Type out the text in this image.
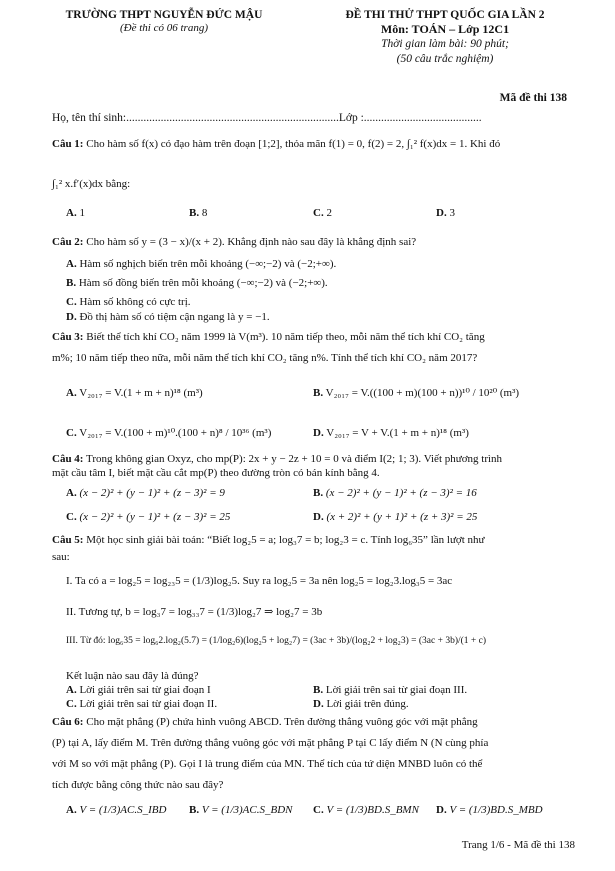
TRƯỜNG THPT NGUYỄN ĐỨC MẬU
(Đề thi có 06 trang)
ĐỀ THI THỬ THPT QUỐC GIA LẦN 2
Môn: TOÁN – Lớp 12C1
Thời gian làm bài: 90 phút;
(50 câu trắc nghiệm)
Mã đề thi 138
Họ, tên thí sinh:..........................................................................Lớp :.........................................
Câu 1: Cho hàm số f(x) có đạo hàm trên đoạn [1;2], thỏa mãn f(1) = 0, f(2) = 2, ∫₁² f(x)dx = 1. Khi đó
∫₁² x.f′(x)dx bằng:
A. 1	B. 8	C. 2	D. 3
Câu 2: Cho hàm số y = (3 − x)/(x + 2). Khẳng định nào sau đây là khẳng định sai?
A. Hàm số nghịch biến trên mỗi khoảng (−∞;−2) và (−2;+∞).
B. Hàm số đồng biến trên mỗi khoảng (−∞;−2) và (−2;+∞).
C. Hàm số không có cực trị.
D. Đồ thị hàm số có tiệm cận ngang là y = −1.
Câu 3: Biết thể tích khí CO₂ năm 1999 là V(m³). 10 năm tiếp theo, mỗi năm thể tích khí CO₂ tăng
m%; 10 năm tiếp theo nữa, mỗi năm thể tích khí CO₂ tăng n%. Tính thể tích khí CO₂ năm 2017?
A. V₂₀₁₇ = V.(1 + m + n)¹⁸ (m³)	B. V₂₀₁₇ = V.((100 + m)(100 + n))¹⁰ / 10²⁰ (m³)
C. V₂₀₁₇ = V.(100 + m)¹⁰.(100 + n)⁸ / 10³⁶ (m³)	D. V₂₀₁₇ = V + V.(1 + m + n)¹⁸ (m³)
Câu 4: Trong không gian Oxyz, cho mp(P): 2x + y − 2z + 10 = 0 và điểm I(2; 1; 3). Viết phương trình
mặt cầu tâm I, biết mặt cầu cắt mp(P) theo đường tròn có bán kính bằng 4.
A. (x − 2)² + (y − 1)² + (z − 3)² = 9	B. (x − 2)² + (y − 1)² + (z − 3)² = 16
C. (x − 2)² + (y − 1)² + (z − 3)² = 25	D. (x + 2)² + (y + 1)² + (z + 3)² = 25
Câu 5: Một học sinh giải bài toán: “Biết log₂5 = a; log₃7 = b; log₂3 = c. Tính log₆35” lần lượt như
sau:
I. Ta có a = log₂5 = log₂₃5 = (1/3)log₂5. Suy ra log₂5 = 3a nên log₂5 = log₂3.log₃5 = 3ac
II. Tương tự, b = log₃7 = log₃₃7 = (1/3)log₂7 ⇒ log₂7 = 3b
III. Từ đó: log₆35 = log₆2.log₂(5.7) = (1/log₂6)(log₂5 + log₂7) = (3ac + 3b)/(log₂2 + log₂3) = (3ac + 3b)/(1 + c)
Kết luận nào sau đây là đúng?
A. Lời giải trên sai từ giai đoạn I	B. Lời giải trên sai từ giai đoạn III.
C. Lời giải trên sai từ giai đoạn II.	D. Lời giải trên đúng.
Câu 6: Cho mặt phẳng (P) chứa hình vuông ABCD. Trên đường thẳng vuông góc với mặt phẳng
(P) tại A, lấy điểm M. Trên đường thẳng vuông góc với mặt phẳng P tại C lấy điểm N (N cùng phía
với M so với mặt phẳng (P). Gọi I là trung điểm của MN. Thể tích của tứ diện MNBD luôn có thể
tích được bằng công thức nào sau đây?
A. V = (1/3)AC.S_IBD B. V = (1/3)AC.S_BDN C. V = (1/3)BD.S_BMN D. V = (1/3)BD.S_MBD
Trang 1/6 - Mã đề thi 138
